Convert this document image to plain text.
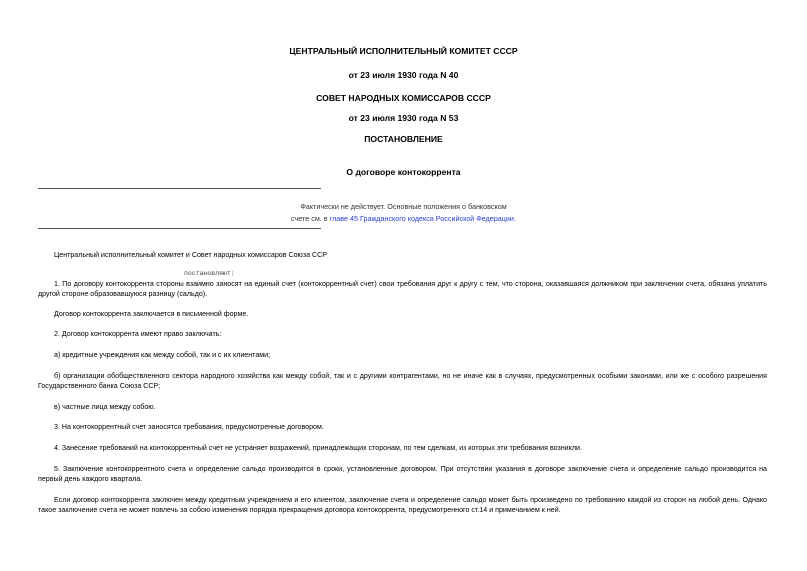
ЦЕНТРАЛЬНЫЙ ИСПОЛНИТЕЛЬНЫЙ КОМИТЕТ СССР
от 23 июля 1930 года N 40
СОВЕТ НАРОДНЫХ КОМИССАРОВ СССР
от 23 июля 1930 года N 53
ПОСТАНОВЛЕНИЕ
О договоре контокоррента
Фактически не действует. Основные положения о банковском
счете см. в главе 45 Гражданского кодекса Российской Федерации.
Центральный исполнительный комитет и Совет народных комиссаров Союза ССР
постановляют:
1. По договору контокоррента стороны взаимно заносят на единый счет (контокоррентный счет) свои требования друг к другу с тем, что сторона, оказавшаяся должником при заключении счета, обязана уплатить другой стороне образовавшуюся разницу (сальдо).
Договор контокоррента заключается в письменной форме.
2. Договор контокоррента имеют право заключать:
а) кредитные учреждения как между собой, так и с их клиентами;
б) организации обобществленного сектора народного хозяйства как между собой, так и с другими контрагентами, но не иначе как в случаях, предусмотренных особыми законами, или же с особого разрешения Государственного банка Союза ССР;
в) частные лица между собою.
3. На контокоррентный счет заносятся требования, предусмотренные договором.
4. Занесение требований на контокоррентный счет не устраняет возражений, принадлежащих сторонам, по тем сделкам, из которых эти требования возникли.
5. Заключение контокоррентного счета и определение сальдо производится в сроки, установленные договором. При отсутствии указания в договоре заключение счета и определение сальдо производится на первый день каждого квартала.
Если договор контокоррента заключен между кредитным учреждением и его клиентом, заключение счета и определение сальдо может быть произведено по требованию каждой из сторон на любой день. Однако такое заключение счета не может повлечь за собою изменения порядка прекращения договора контокоррента, предусмотренного ст.14 и примечанием к ней.
